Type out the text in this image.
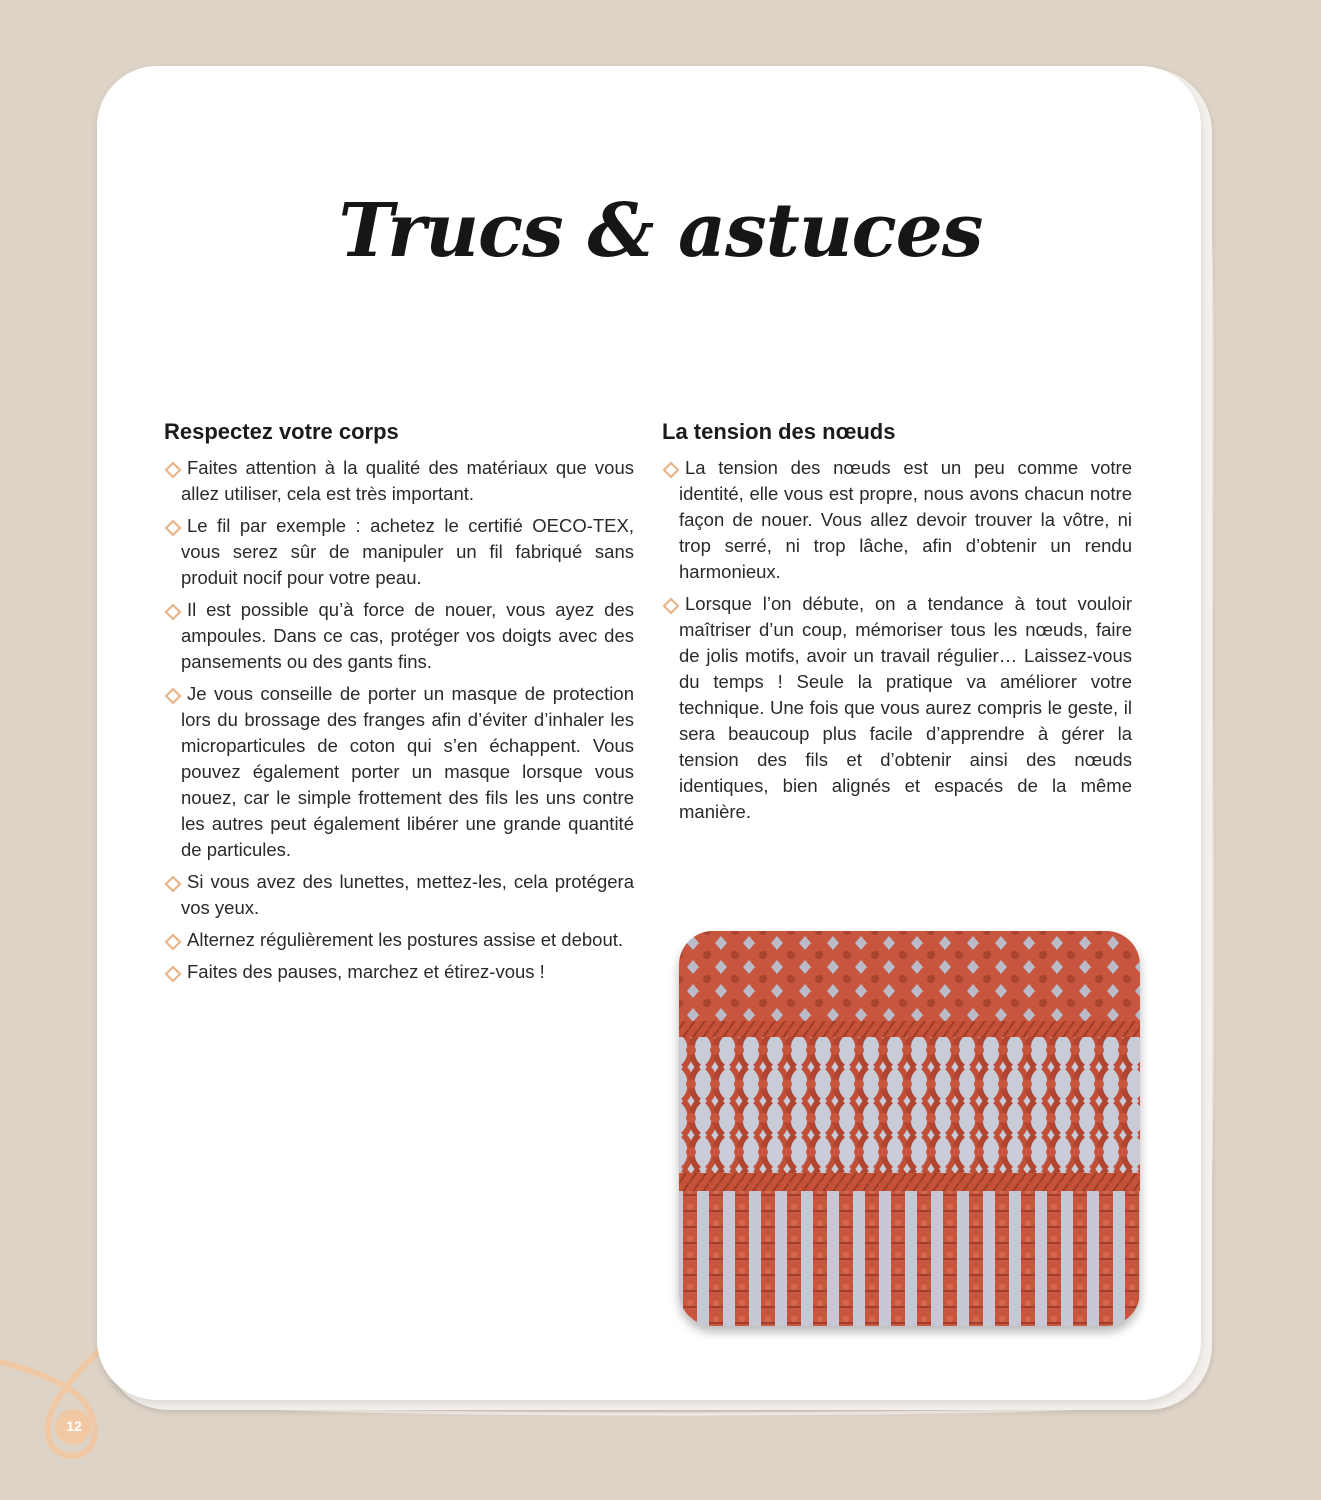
Trucs & astuces
Respectez votre corps
Faites attention à la qualité des matériaux que vous allez utiliser, cela est très important.
Le fil par exemple : achetez le certifié OECO-TEX, vous serez sûr de manipuler un fil fabriqué sans produit nocif pour votre peau.
Il est possible qu’à force de nouer, vous ayez des ampoules. Dans ce cas, protéger vos doigts avec des pansements ou des gants fins.
Je vous conseille de porter un masque de protection lors du brossage des franges afin d’éviter d’inhaler les microparticules de coton qui s’en échappent. Vous pouvez également porter un masque lorsque vous nouez, car le simple frottement des fils les uns contre les autres peut également libérer une grande quantité de particules.
Si vous avez des lunettes, mettez-les, cela protégera vos yeux.
Alternez régulièrement les postures assise et debout.
Faites des pauses, marchez et étirez-vous !
La tension des nœuds
La tension des nœuds est un peu comme votre identité, elle vous est propre, nous avons chacun notre façon de nouer. Vous allez devoir trouver la vôtre, ni trop serré, ni trop lâche, afin d’obtenir un rendu harmonieux.
Lorsque l’on débute, on a tendance à tout vouloir maîtriser d’un coup, mémoriser tous les nœuds, faire de jolis motifs, avoir un travail régulier… Laissez-vous du temps ! Seule la pratique va améliorer votre technique. Une fois que vous aurez compris le geste, il sera beaucoup plus facile d’apprendre à gérer la tension des fils et d’obtenir ainsi des nœuds identiques, bien alignés et espacés de la même manière.
12
